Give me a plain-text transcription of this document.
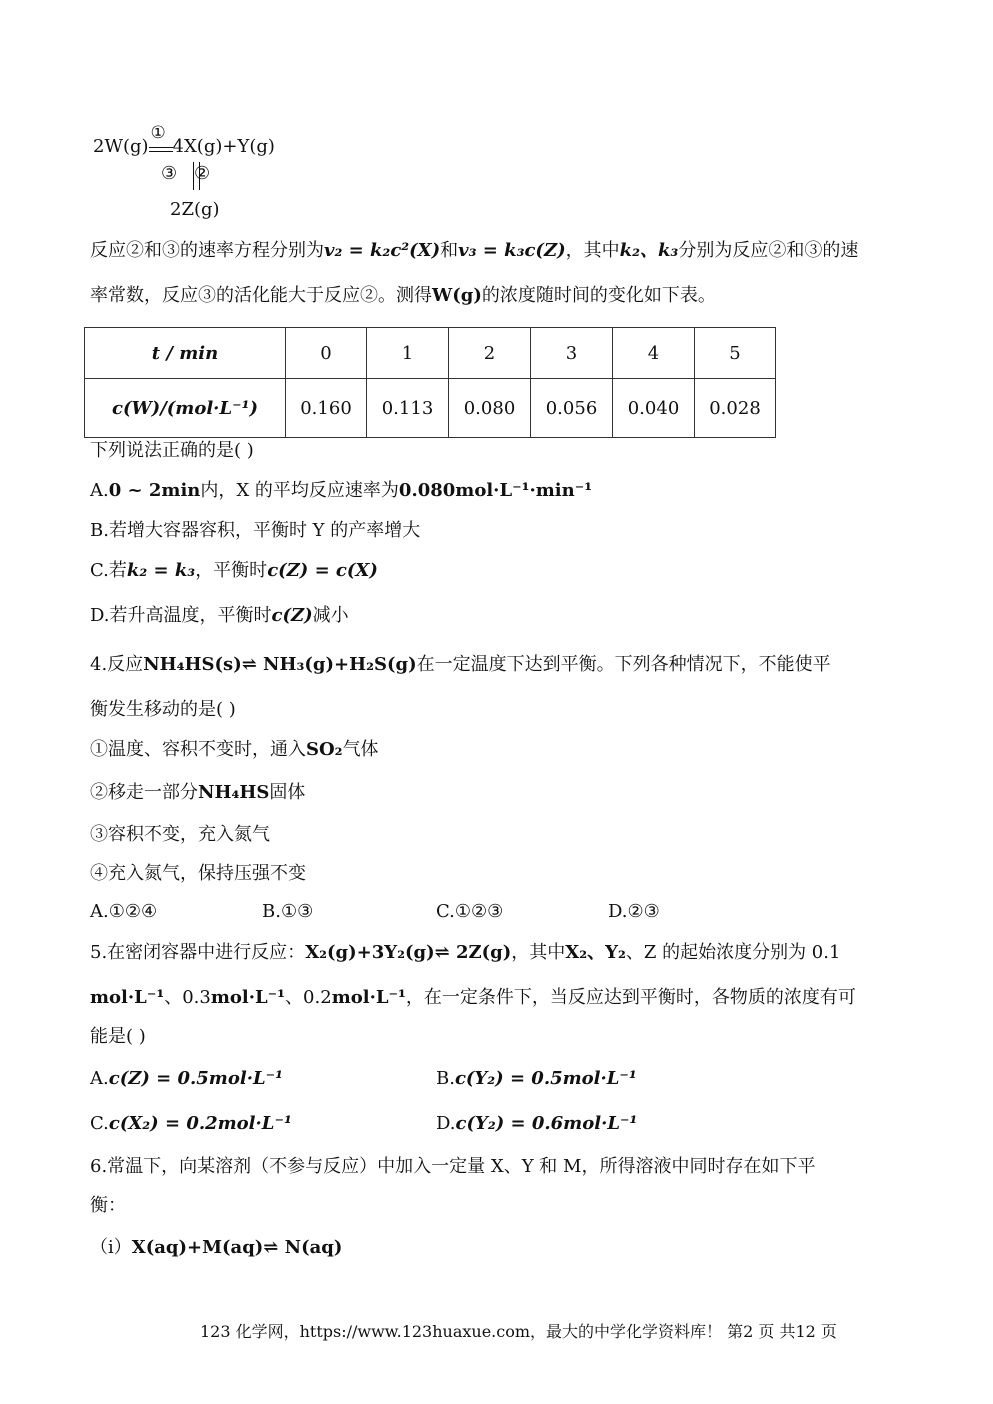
2W(g)
①
4X(g)+Y(g)
③ ②
2Z(g)
反应②和③的速率方程分别为v₂ = k₂c²(X)和v₃ = k₃c(Z)，其中k₂、k₃分别为反应②和③的速
率常数，反应③的活化能大于反应②。测得W(g)的浓度随时间的变化如下表。
t / min	0	1	2	3	4	5
c(W)/(mol·L⁻¹)	0.160	0.113	0.080	0.056	0.040	0.028
下列说法正确的是( )
A.0 ~ 2min内，X 的平均反应速率为0.080mol·L⁻¹·min⁻¹
B.若增大容器容积，平衡时 Y 的产率增大
C.若k₂ = k₃，平衡时c(Z) = c(X)
D.若升高温度，平衡时c(Z)减小
4.反应NH₄HS(s)⇌ NH₃(g)+H₂S(g)在一定温度下达到平衡。下列各种情况下，不能使平
衡发生移动的是( )
①温度、容积不变时，通入SO₂气体
②移走一部分NH₄HS固体
③容积不变，充入氮气
④充入氮气，保持压强不变
A.①②④	B.①③	C.①②③	D.②③
5.在密闭容器中进行反应：X₂(g)+3Y₂(g)⇌ 2Z(g)，其中X₂、Y₂、Z 的起始浓度分别为 0.1
mol·L⁻¹、0.3mol·L⁻¹、0.2mol·L⁻¹，在一定条件下，当反应达到平衡时，各物质的浓度有可
能是( )
A.c(Z) = 0.5mol·L⁻¹	B.c(Y₂) = 0.5mol·L⁻¹
C.c(X₂) = 0.2mol·L⁻¹	D.c(Y₂) = 0.6mol·L⁻¹
6.常温下，向某溶剂（不参与反应）中加入一定量 X、Y 和 M，所得溶液中同时存在如下平
衡：
（i）X(aq)+M(aq)⇌ N(aq)
123 化学网，https://www.123huaxue.com，最大的中学化学资料库！ 第2 页 共12 页
